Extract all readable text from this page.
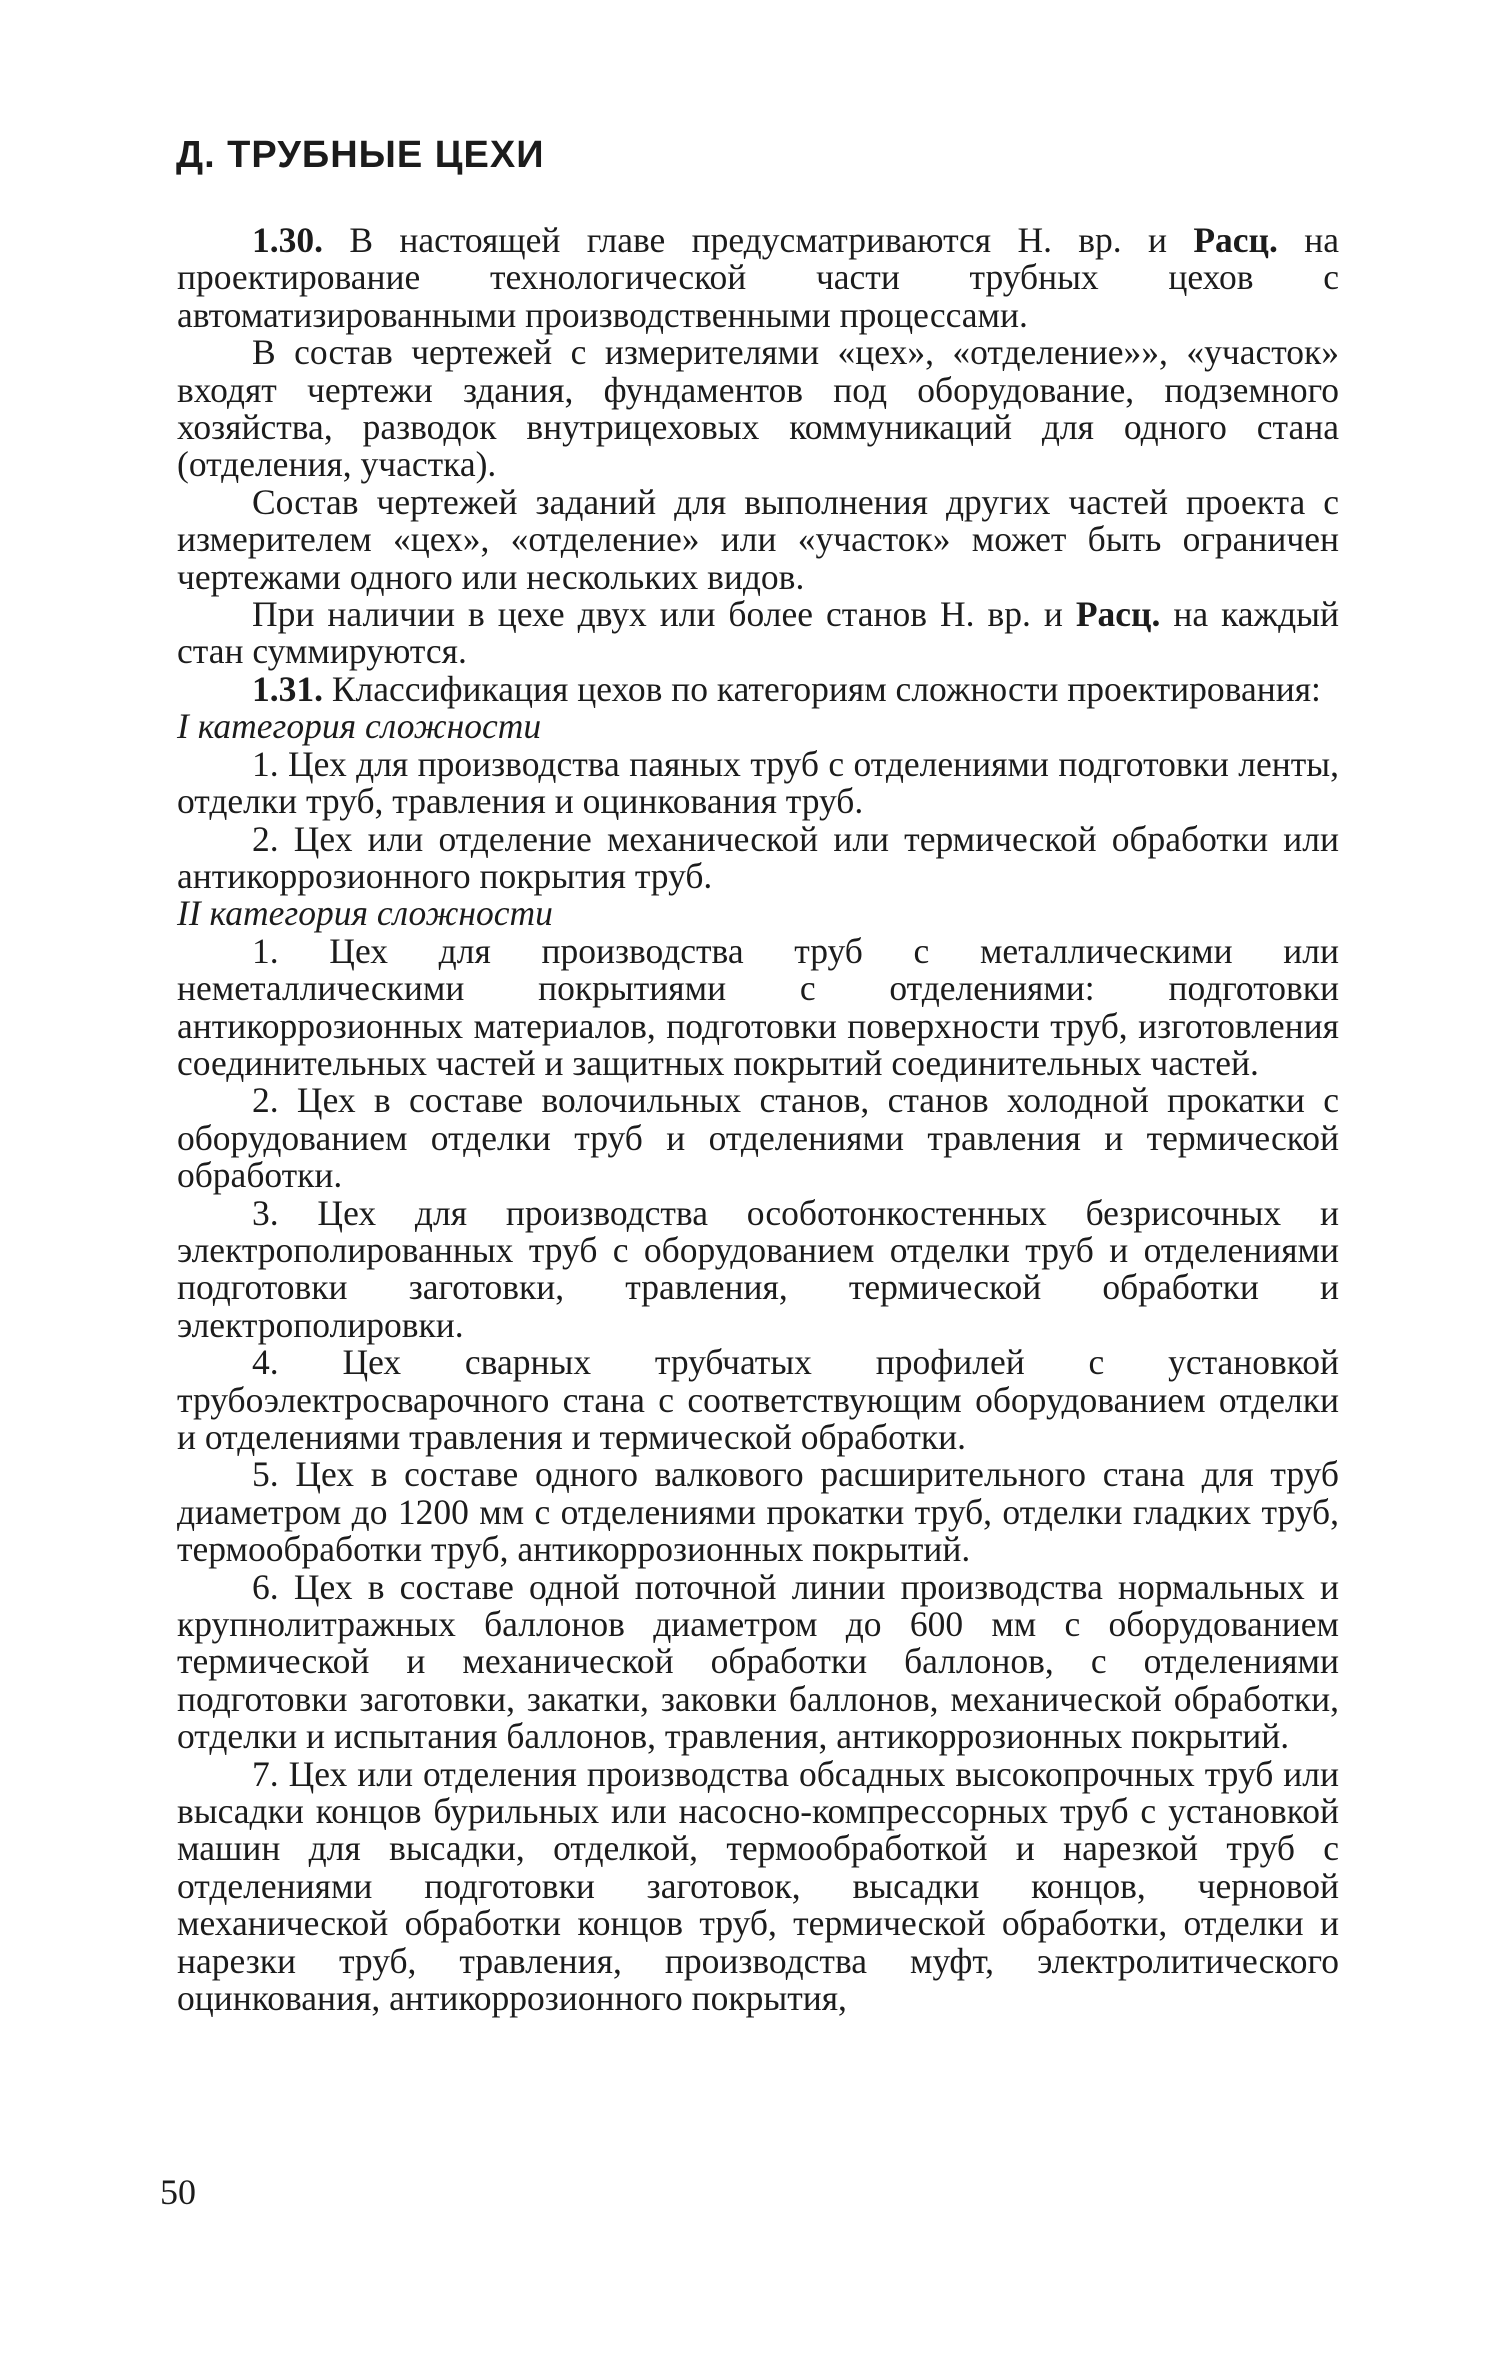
Д. ТРУБНЫЕ ЦЕХИ

1.30. В настоящей главе предусматриваются Н. вр. и Расц. на проектирование технологической части трубных цехов с автоматизированными производственными процессами.

В состав чертежей с измерителями «цех», «отделение»», «участок» входят чертежи здания, фундаментов под оборудование, подземного хозяйства, разводок внутрицеховых коммуникаций для одного стана (отделения, участка).

Состав чертежей заданий для выполнения других частей проекта с измерителем «цех», «отделение» или «участок» может быть ограничен чертежами одного или нескольких видов.

При наличии в цехе двух или более станов Н. вр. и Расц. на каждый стан суммируются.

1.31. Классификация цехов по категориям сложности проектирования:

I категория сложности

1. Цех для производства паяных труб с отделениями подготовки ленты, отделки труб, травления и оцинкования труб.

2. Цех или отделение механической или термической обработки или антикоррозионного покрытия труб.

II категория сложности

1. Цех для производства труб с металлическими или неметаллическими покрытиями с отделениями: подготовки антикоррозионных материалов, подготовки поверхности труб, изготовления соединительных частей и защитных покрытий соединительных частей.

2. Цех в составе волочильных станов, станов холодной прокатки с оборудованием отделки труб и отделениями травления и термической обработки.

3. Цех для производства особотонкостенных безрисочных и электрополированных труб с оборудованием отделки труб и отделениями подготовки заготовки, травления, термической обработки и электрополировки.

4. Цех сварных трубчатых профилей с установкой трубоэлектросварочного стана с соответствующим оборудованием отделки и отделениями травления и термической обработки.

5. Цех в составе одного валкового расширительного стана для труб диаметром до 1200 мм с отделениями прокатки труб, отделки гладких труб, термообработки труб, антикоррозионных покрытий.

6. Цех в составе одной поточной линии производства нормальных и крупнолитражных баллонов диаметром до 600 мм с оборудованием термической и механической обработки баллонов, с отделениями подготовки заготовки, закатки, заковки баллонов, механической обработки, отделки и испытания баллонов, травления, антикоррозионных покрытий.

7. Цех или отделения производства обсадных высокопрочных труб или высадки концов бурильных или насосно-компрессорных труб с установкой машин для высадки, отделкой, термообработкой и нарезкой труб с отделениями подготовки заготовок, высадки концов, черновой механической обработки концов труб, термической обработки, отделки и нарезки труб, травления, производства муфт, электролитического оцинкования, антикоррозионного покрытия,

50
